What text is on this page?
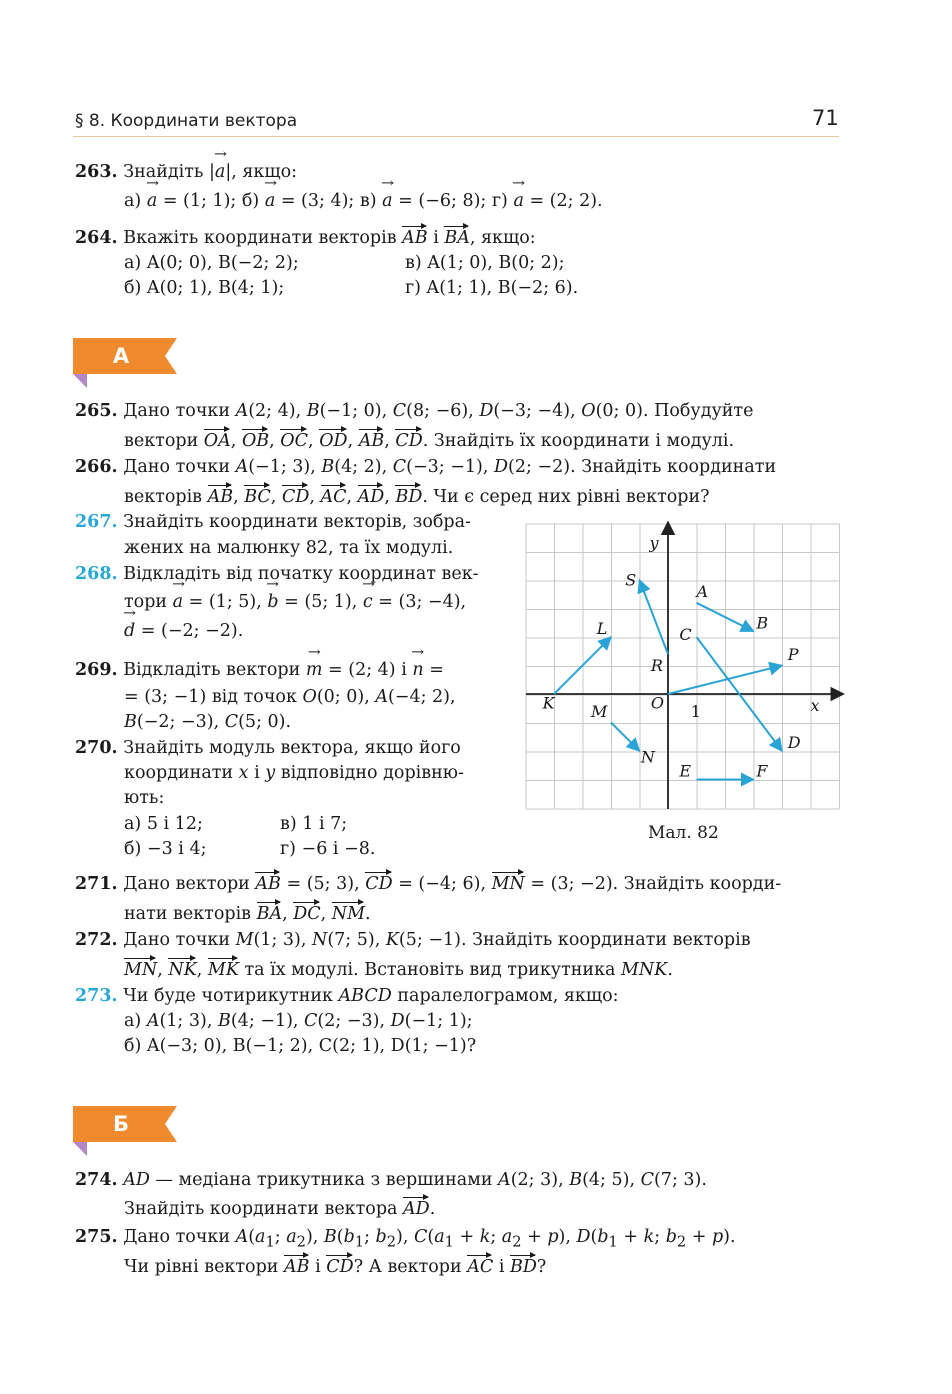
§ 8. Координати вектора	71
263. Знайдіть |→ a|, якщо:
а) → a = (1; 1); б) → a = (3; 4); в) → a = (−6; 8); г) → a = (2; 2).
264. Вкажіть координати векторів AB і BA, якщо:
а) A(0; 0), B(−2; 2);	в) A(1; 0), B(0; 2);
б) A(0; 1), B(4; 1);	г) A(1; 1), B(−2; 6).
А
265. Дано точки A(2; 4), B(−1; 0), C(8; −6), D(−3; −4), O(0; 0). Побудуйте
вектори OA, OB, OC, OD, AB, CD. Знайдіть їх координати і модулі.
266. Дано точки A(−1; 3), B(4; 2), C(−3; −1), D(2; −2). Знайдіть координати
векторів AB, BC, CD, AC, AD, BD. Чи є серед них рівні вектори?
267. Знайдіть координати векторів, зобра-
жених на малюнку 82, та їх модулі.
268. Відкладіть від початку координат век-
тори → a = (1; 5), → b = (5; 1), → c = (3; −4),
→ d = (−2; −2).
269. Відкладіть вектори → m = (2; 4) і → n =
= (3; −1) від точок O(0; 0), A(−4; 2),
B(−2; −3), C(5; 0).
270. Знайдіть модуль вектора, якщо його
координати x і y відповідно дорівню-
ють:
а) 5 і 12;	в) 1 і 7;
б) −3 і 4;	г) −6 і −8.
A
B
C
D
E	F
K
L
M
N
P
R
S
x
y
O 1
Мал. 82
271. Дано вектори AB = (5; 3), CD = (−4; 6), MN = (3; −2). Знайдіть коорди-
нати векторів BA, DC, NM.
272. Дано точки M(1; 3), N(7; 5), K(5; −1). Знайдіть координати векторів
MN, NK, MK та їх модулі. Встановіть вид трикутника MNK.
273. Чи буде чотирикутник ABCD паралелограмом, якщо:
а) A(1; 3), B(4; −1), C(2; −3), D(−1; 1);
б) A(−3; 0), B(−1; 2), C(2; 1), D(1; −1)?
Б
274. AD — медіана трикутника з вершинами A(2; 3), B(4; 5), C(7; 3).
Знайдіть координати вектора AD.
275. Дано точки $A(a_1$; $a_2$), $B(b_1$; $b_2$), $C(a_1 + k$; $a_2 + p$), $D(b_1 + k$; $b_2 + p$).
Чи рівні вектори AB і CD? А вектори AC і BD?
